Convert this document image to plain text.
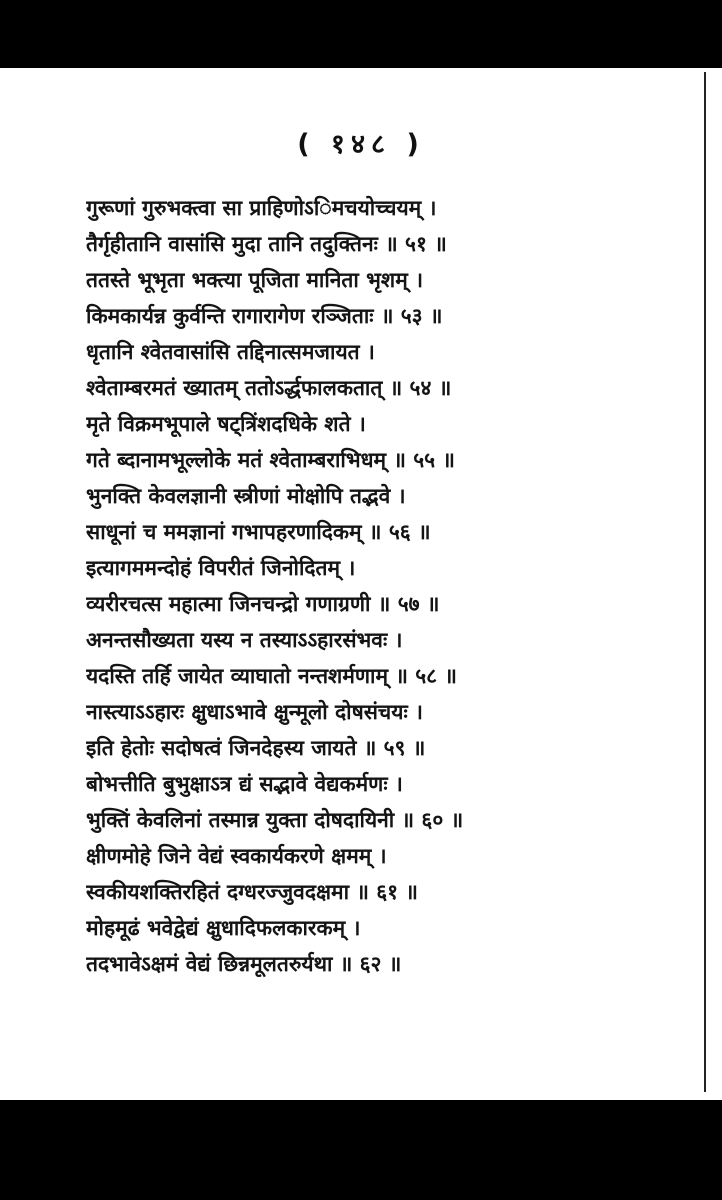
( १४८ )
गुरूणां गुरुभक्त्वा सा प्राहिणोऽिमचयोच्चयम् ।
तैर्गृहीतानि वासांसि मुदा तानि तदुक्तिनः ॥ ५१ ॥
ततस्ते भूभृता भक्त्या पूजिता मानिता भृशम् ।
किमकार्यन्न कुर्वन्ति रागारागेण रञ्जिताः ॥ ५३ ॥
धृतानि श्वेतवासांसि तद्दिनात्समजायत ।
श्वेताम्बरमतं ख्यातम् ततोऽर्द्धफालकतात् ॥ ५४ ॥
मृते विक्रमभूपाले षट्त्रिंशदधिके शते ।
गते ब्दानामभूल्लोके मतं श्वेताम्बराभिधम् ॥ ५५ ॥
भुनक्ति केवलज्ञानी स्त्रीणां मोक्षोपि तद्भवे ।
साधूनां च ममज्ञानां गभापहरणादिकम् ॥ ५६ ॥
इत्यागममन्दोहं विपरीतं जिनोदितम् ।
व्यरीरचत्स महात्मा जिनचन्द्रो गणाग्रणी ॥ ५७ ॥
अनन्तसौख्यता यस्य न तस्याऽऽहारसंभवः ।
यदस्ति तर्हि जायेत व्याघातो नन्तशर्मणाम् ॥ ५८ ॥
नास्त्याऽऽहारः क्षुधाऽभावे क्षुन्मूलो दोषसंचयः ।
इति हेतोः सदोषत्वं जिनदेहस्य जायते ॥ ५९ ॥
बोभत्तीति बुभुक्षाऽत्र द्यं सद्भावे वेद्यकर्मणः ।
भुक्तिं केवलिनां तस्मान्न युक्ता दोषदायिनी ॥ ६० ॥
क्षीणमोहे जिने वेद्यं स्वकार्यकरणे क्षमम् ।
स्वकीयशक्तिरहितं दग्धरज्जुवदक्षमा ॥ ६१ ॥
मोहमूढं भवेद्वेद्यं क्षुधादिफलकारकम् ।
तदभावेऽक्षमं वेद्यं छिन्नमूलतरुर्यथा ॥ ६२ ॥
